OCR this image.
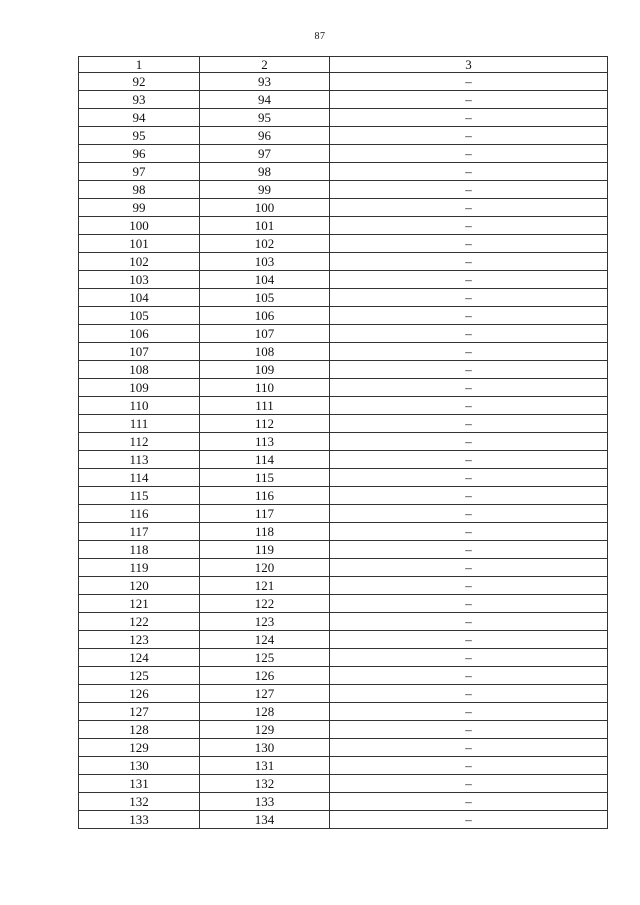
87
1	2	3
92	93	–
93	94	–
94	95	–
95	96	–
96	97	–
97	98	–
98	99	–
99	100	–
100	101	–
101	102	–
102	103	–
103	104	–
104	105	–
105	106	–
106	107	–
107	108	–
108	109	–
109	110	–
110	111	–
111	112	–
112	113	–
113	114	–
114	115	–
115	116	–
116	117	–
117	118	–
118	119	–
119	120	–
120	121	–
121	122	–
122	123	–
123	124	–
124	125	–
125	126	–
126	127	–
127	128	–
128	129	–
129	130	–
130	131	–
131	132	–
132	133	–
133	134	–
